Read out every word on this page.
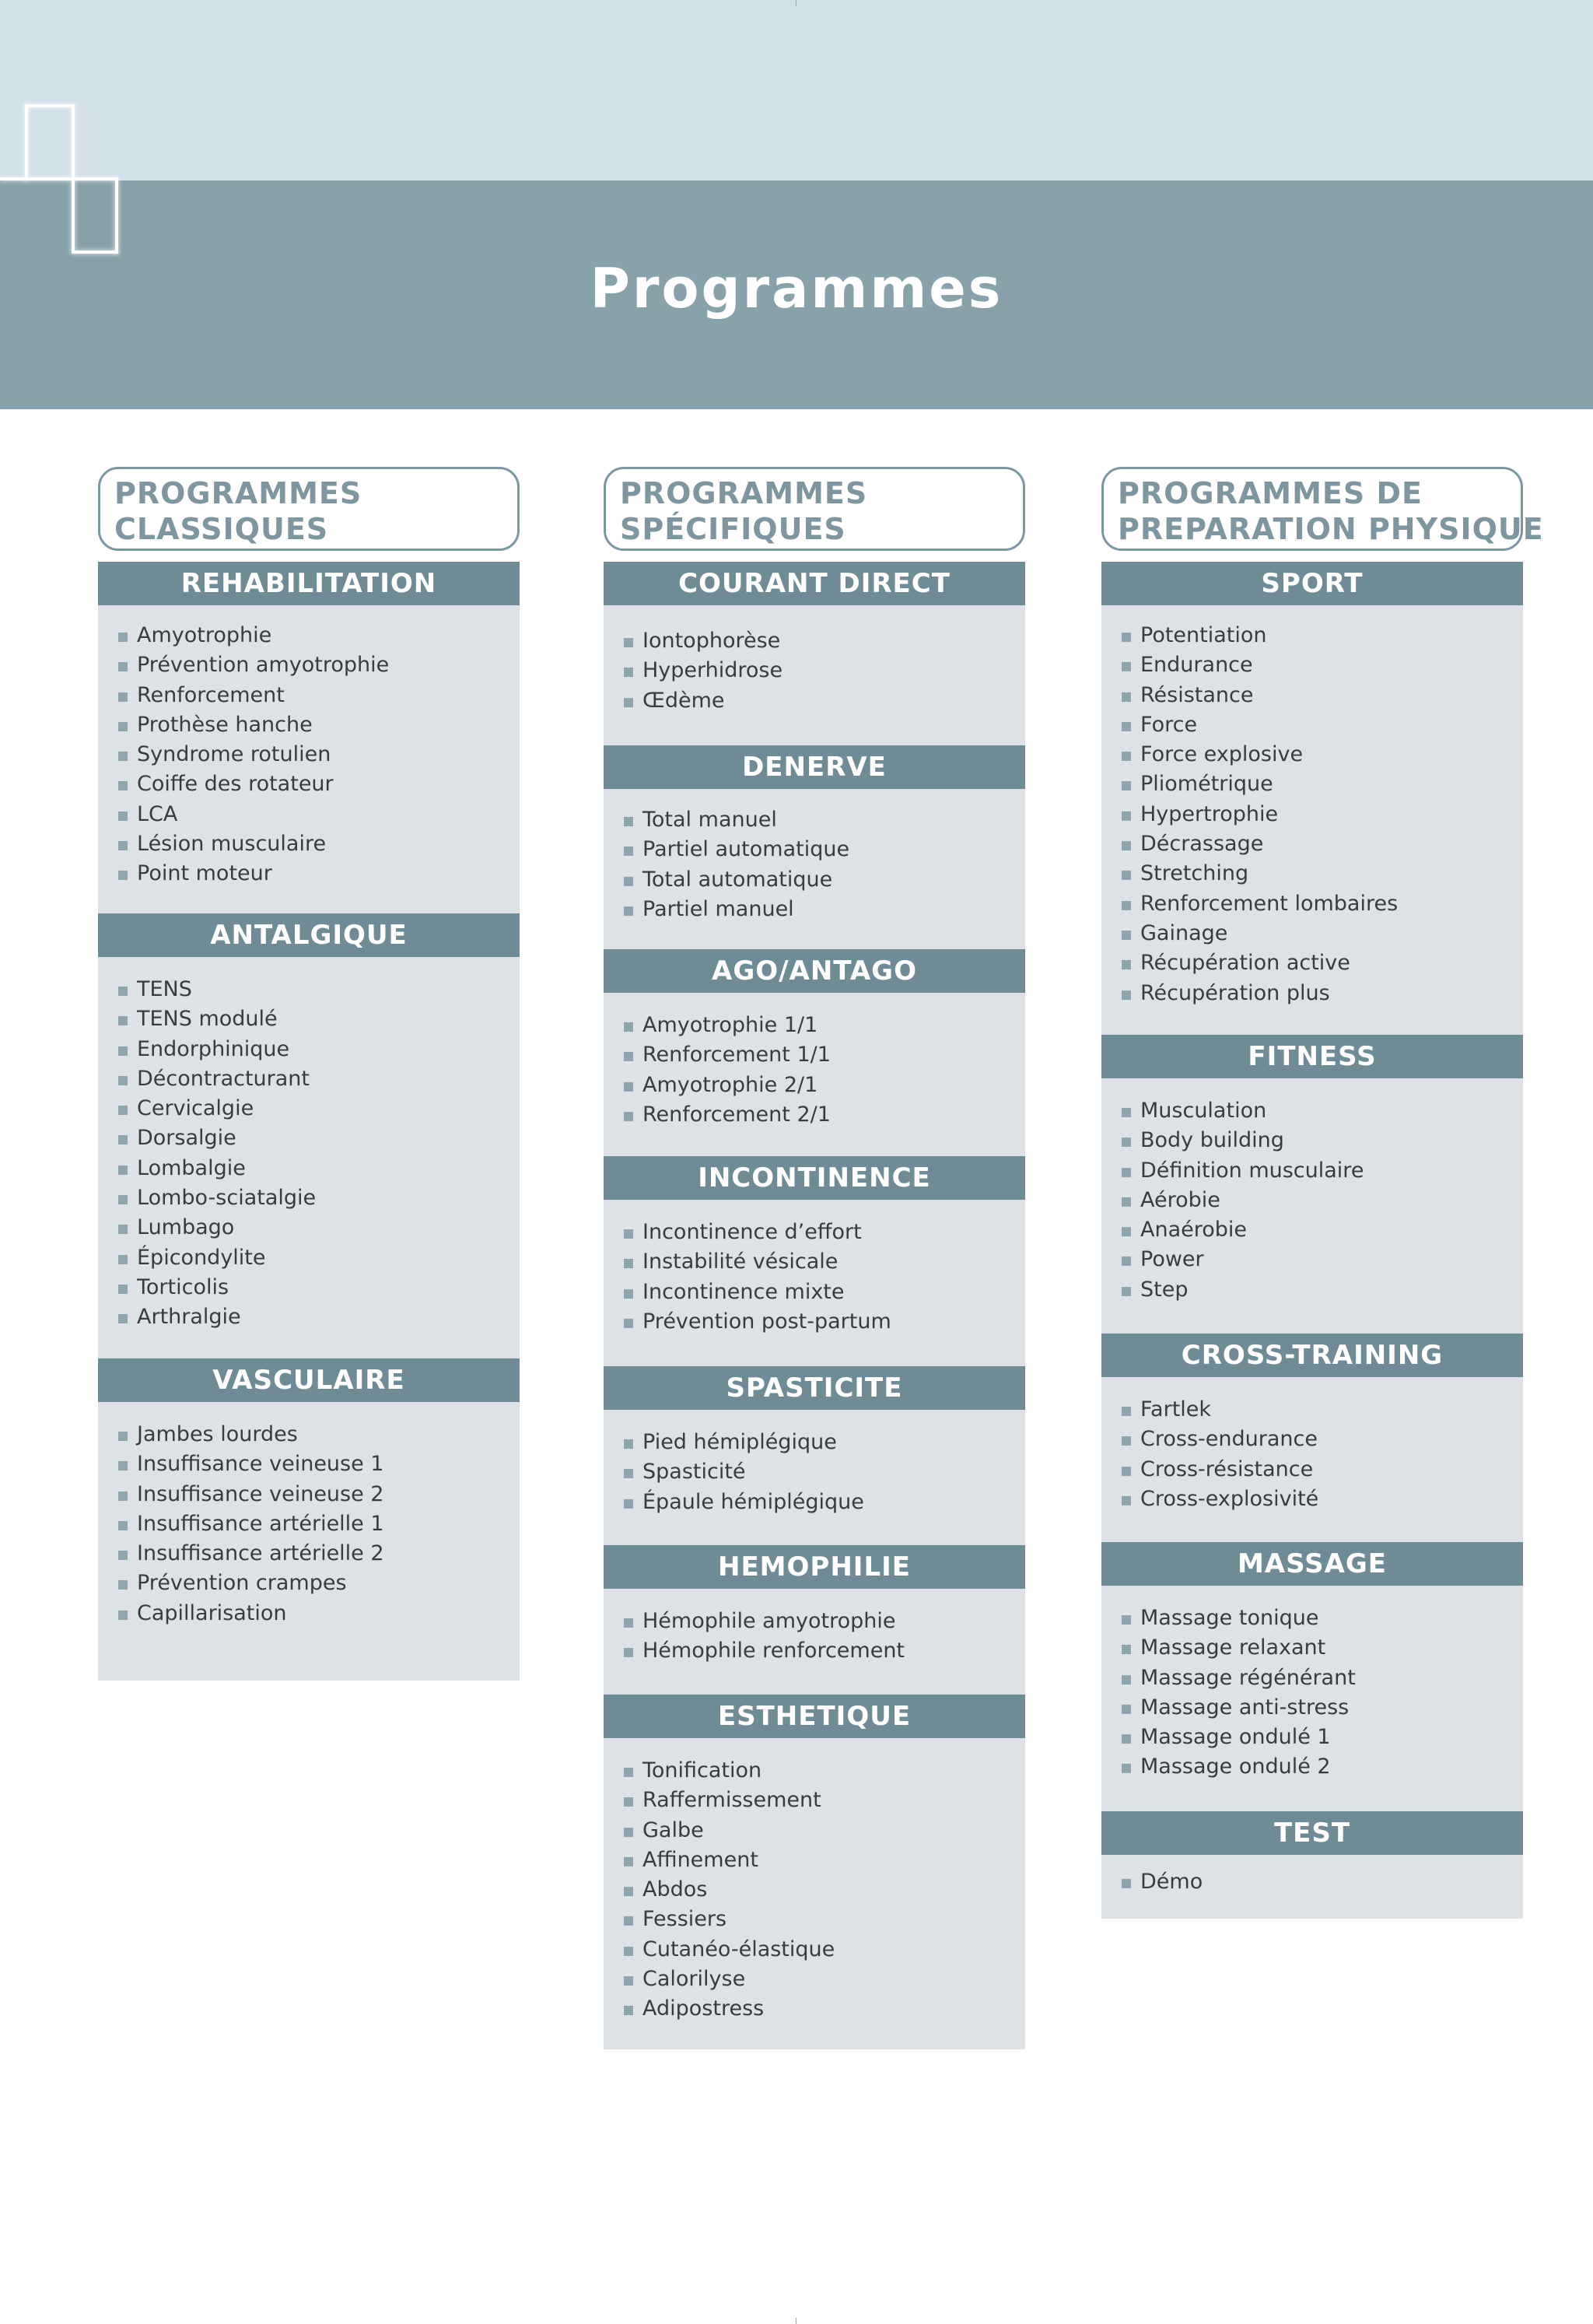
Programmes
PROGRAMMES
CLASSIQUES
REHABILITATION
Amyotrophie
Prévention amyotrophie
Renforcement
Prothèse hanche
Syndrome rotulien
Coiffe des rotateur
LCA
Lésion musculaire
Point moteur
ANTALGIQUE
TENS
TENS modulé
Endorphinique
Décontracturant
Cervicalgie
Dorsalgie
Lombalgie
Lombo-sciatalgie
Lumbago
Épicondylite
Torticolis
Arthralgie
VASCULAIRE
Jambes lourdes
Insuffisance veineuse 1
Insuffisance veineuse 2
Insuffisance artérielle 1
Insuffisance artérielle 2
Prévention crampes
Capillarisation
PROGRAMMES
SPÉCIFIQUES
COURANT DIRECT
Iontophorèse
Hyperhidrose
Œdème
DENERVE
Total manuel
Partiel automatique
Total automatique
Partiel manuel
AGO/ANTAGO
Amyotrophie 1/1
Renforcement 1/1
Amyotrophie 2/1
Renforcement 2/1
INCONTINENCE
Incontinence d’effort
Instabilité vésicale
Incontinence mixte
Prévention post-partum
SPASTICITE
Pied hémiplégique
Spasticité
Épaule hémiplégique
HEMOPHILIE
Hémophile amyotrophie
Hémophile renforcement
ESTHETIQUE
Tonification
Raffermissement
Galbe
Affinement
Abdos
Fessiers
Cutanéo-élastique
Calorilyse
Adipostress
PROGRAMMES DE
PREPARATION PHYSIQUE
SPORT
Potentiation
Endurance
Résistance
Force
Force explosive
Pliométrique
Hypertrophie
Décrassage
Stretching
Renforcement lombaires
Gainage
Récupération active
Récupération plus
FITNESS
Musculation
Body building
Définition musculaire
Aérobie
Anaérobie
Power
Step
CROSS-TRAINING
Fartlek
Cross-endurance
Cross-résistance
Cross-explosivité
MASSAGE
Massage tonique
Massage relaxant
Massage régénérant
Massage anti-stress
Massage ondulé 1
Massage ondulé 2
TEST
Démo
